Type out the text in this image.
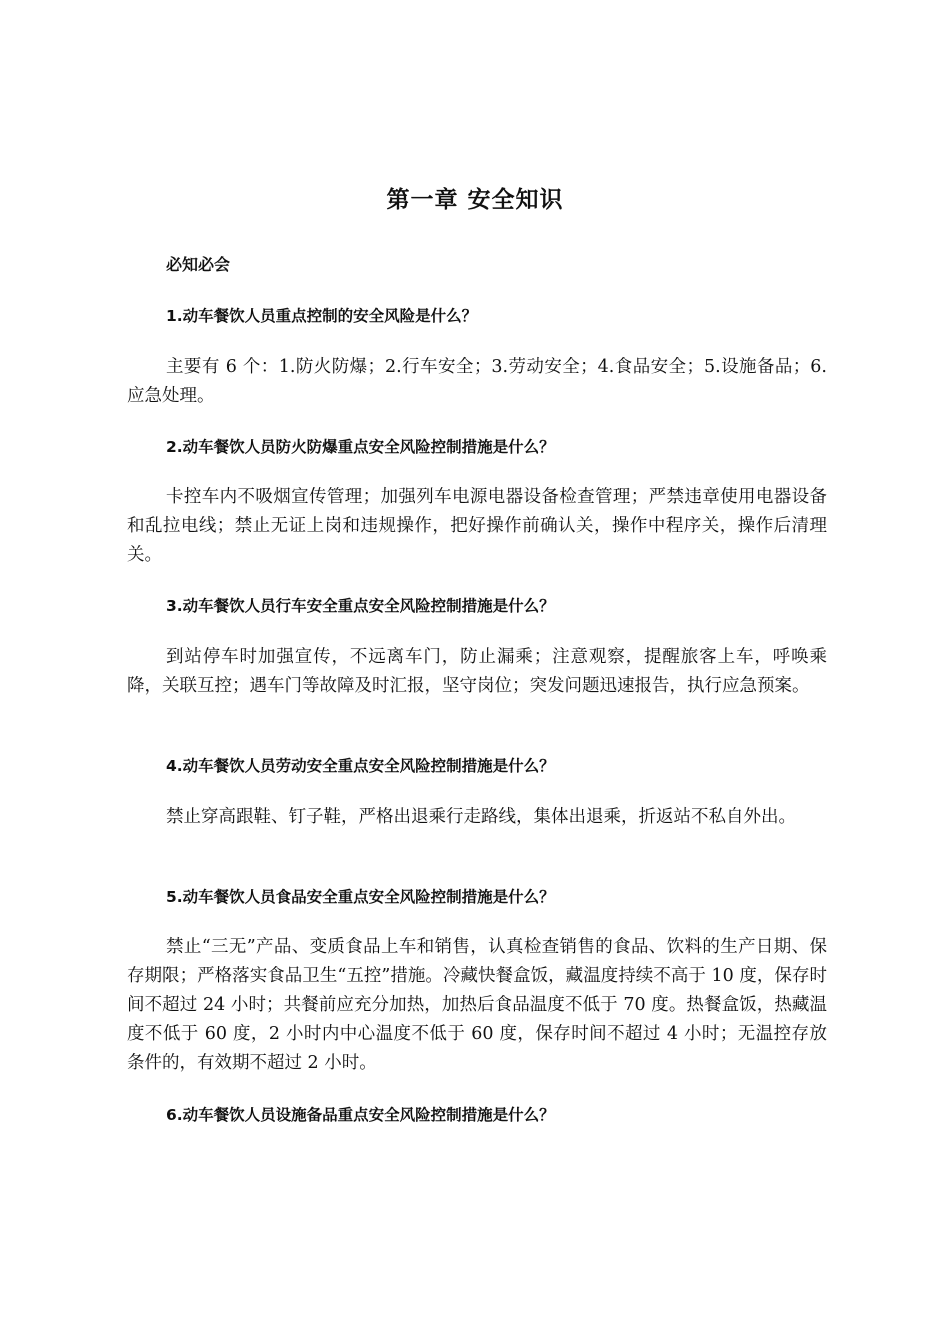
第一章 安全知识
必知必会
1.动车餐饮人员重点控制的安全风险是什么？

主要有 6 个：1.防火防爆；2.行车安全；3.劳动安全；4.食品安全；5.设施备品；6.应急处理。

2.动车餐饮人员防火防爆重点安全风险控制措施是什么？

卡控车内不吸烟宣传管理；加强列车电源电器设备检查管理；严禁违章使用电器设备和乱拉电线；禁止无证上岗和违规操作，把好操作前确认关，操作中程序关，操作后清理关。

3.动车餐饮人员行车安全重点安全风险控制措施是什么？

到站停车时加强宣传，不远离车门，防止漏乘；注意观察，提醒旅客上车，呼唤乘降，关联互控；遇车门等故障及时汇报，坚守岗位；突发问题迅速报告，执行应急预案。

4.动车餐饮人员劳动安全重点安全风险控制措施是什么？

禁止穿高跟鞋、钉子鞋，严格出退乘行走路线，集体出退乘，折返站不私自外出。

5.动车餐饮人员食品安全重点安全风险控制措施是什么？

禁止“三无”产品、变质食品上车和销售，认真检查销售的食品、饮料的生产日期、保存期限；严格落实食品卫生“五控”措施。冷藏快餐盒饭，藏温度持续不高于 10 度，保存时间不超过 24 小时；共餐前应充分加热，加热后食品温度不低于 70 度。热餐盒饭，热藏温度不低于 60 度，2 小时内中心温度不低于 60 度，保存时间不超过 4 小时；无温控存放条件的，有效期不超过 2 小时。

6.动车餐饮人员设施备品重点安全风险控制措施是什么？
